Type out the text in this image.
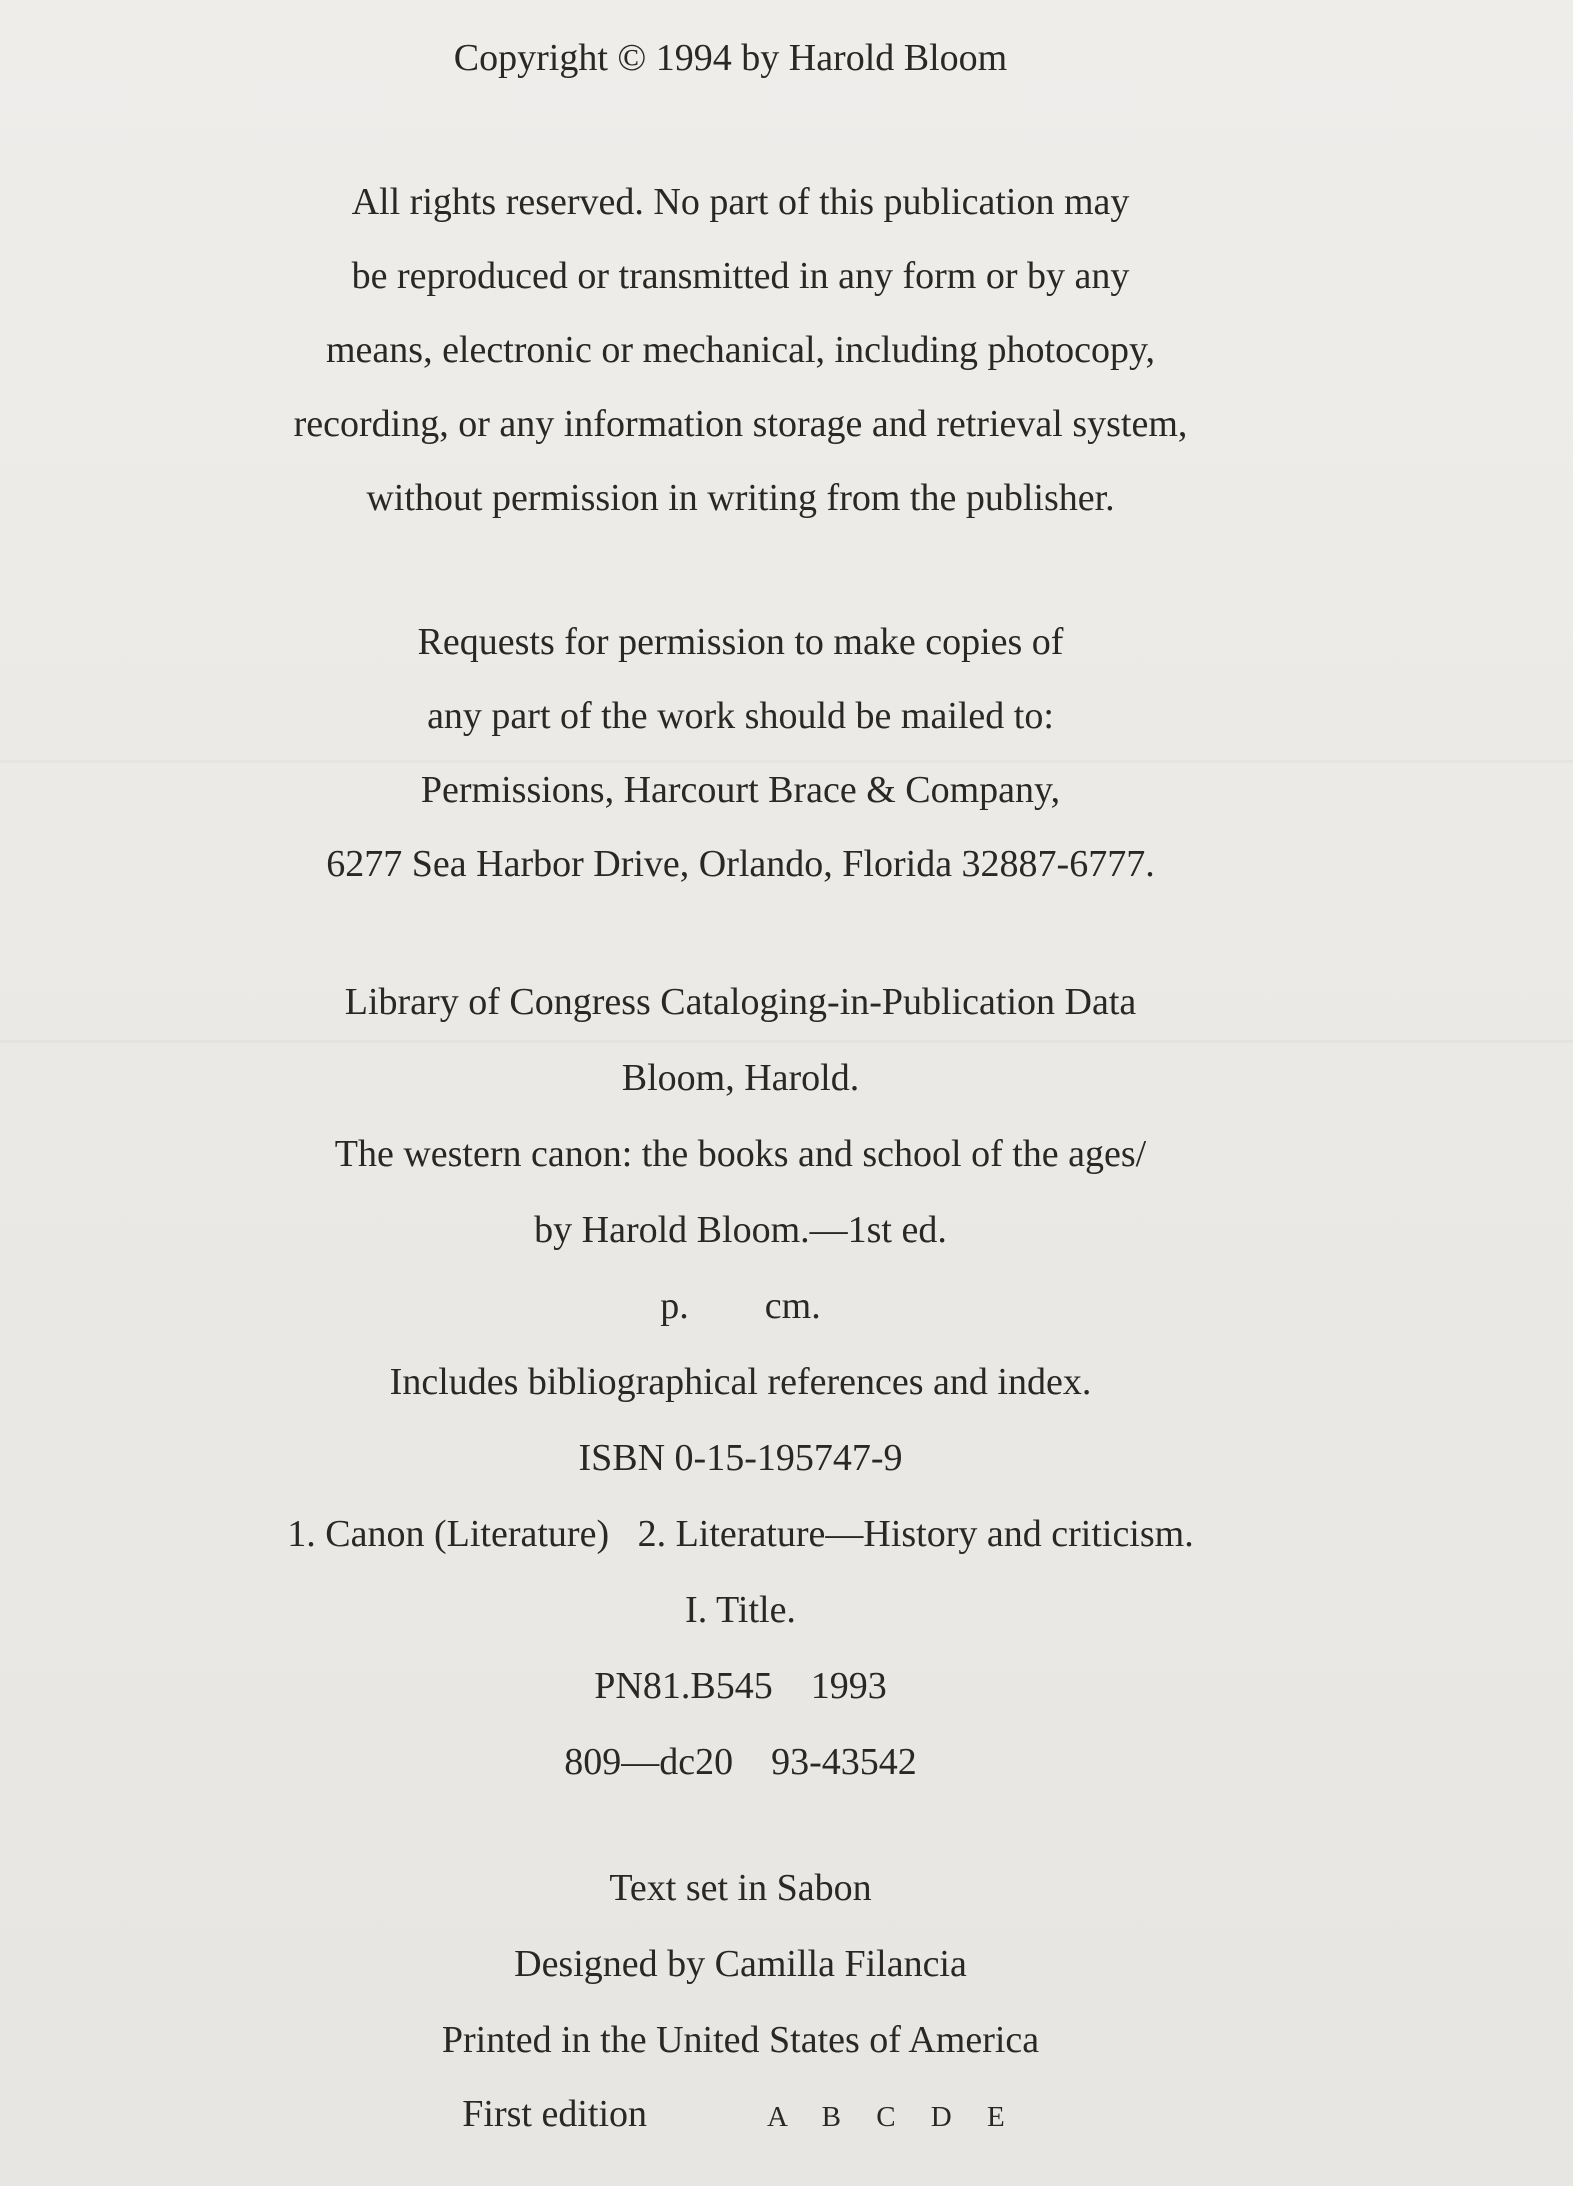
Copyright © 1994 by Harold Bloom
All rights reserved. No part of this publication may
be reproduced or transmitted in any form or by any
means, electronic or mechanical, including photocopy,
recording, or any information storage and retrieval system,
without permission in writing from the publisher.
Requests for permission to make copies of
any part of the work should be mailed to:
Permissions, Harcourt Brace & Company,
6277 Sea Harbor Drive, Orlando, Florida 32887-6777.
Library of Congress Cataloging-in-Publication Data
Bloom, Harold.
The western canon: the books and school of the ages/
by Harold Bloom.—1st ed.
p.        cm.
Includes bibliographical references and index.
ISBN 0-15-195747-9
1. Canon (Literature)   2. Literature—History and criticism.
I. Title.
PN81.B545    1993
809—dc20    93-43542
Text set in Sabon
Designed by Camilla Filancia
Printed in the United States of America
First edition	A B C D E
